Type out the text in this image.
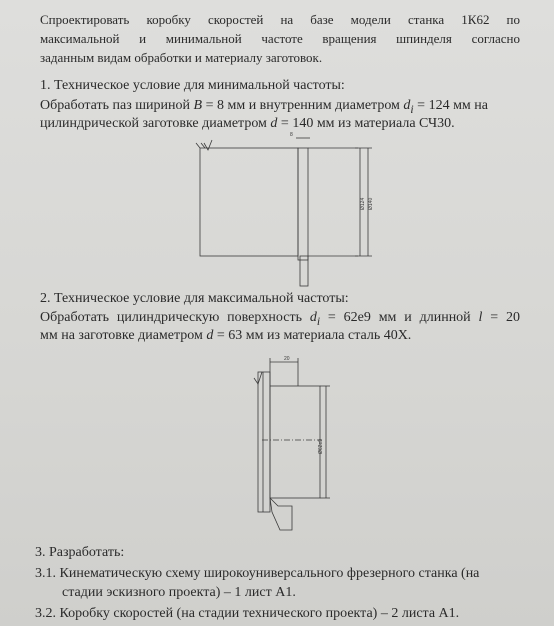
Спроектировать коробку скоростей на базе модели станка 1К62 по
максимальной и минимальной частоте вращения шпинделя согласно
заданным видам обработки и материалу заготовок.

1. Техническое условие для минимальной частоты:

Обработать паз шириной B = 8 мм и внутренним диаметром $d_i = 124$ мм на

цилиндрической заготовке диаметром d = 140 мм из материала СЧ30.

8
Ø124 Ø140

2. Техническое условие для максимальной частоты:

Обработать цилиндрическую поверхность $d_i = 62е9$ мм и длинной l = 20

мм на заготовке диаметром d = 63 мм из материала сталь 40Х.

20
Ø62е9

3. Разработать:

3.1. Кинематическую схему широкоуниверсального фрезерного станка (на

стадии эскизного проекта) – 1 лист А1.

3.2. Коробку скоростей (на стадии технического проекта) – 2 листа А1.
